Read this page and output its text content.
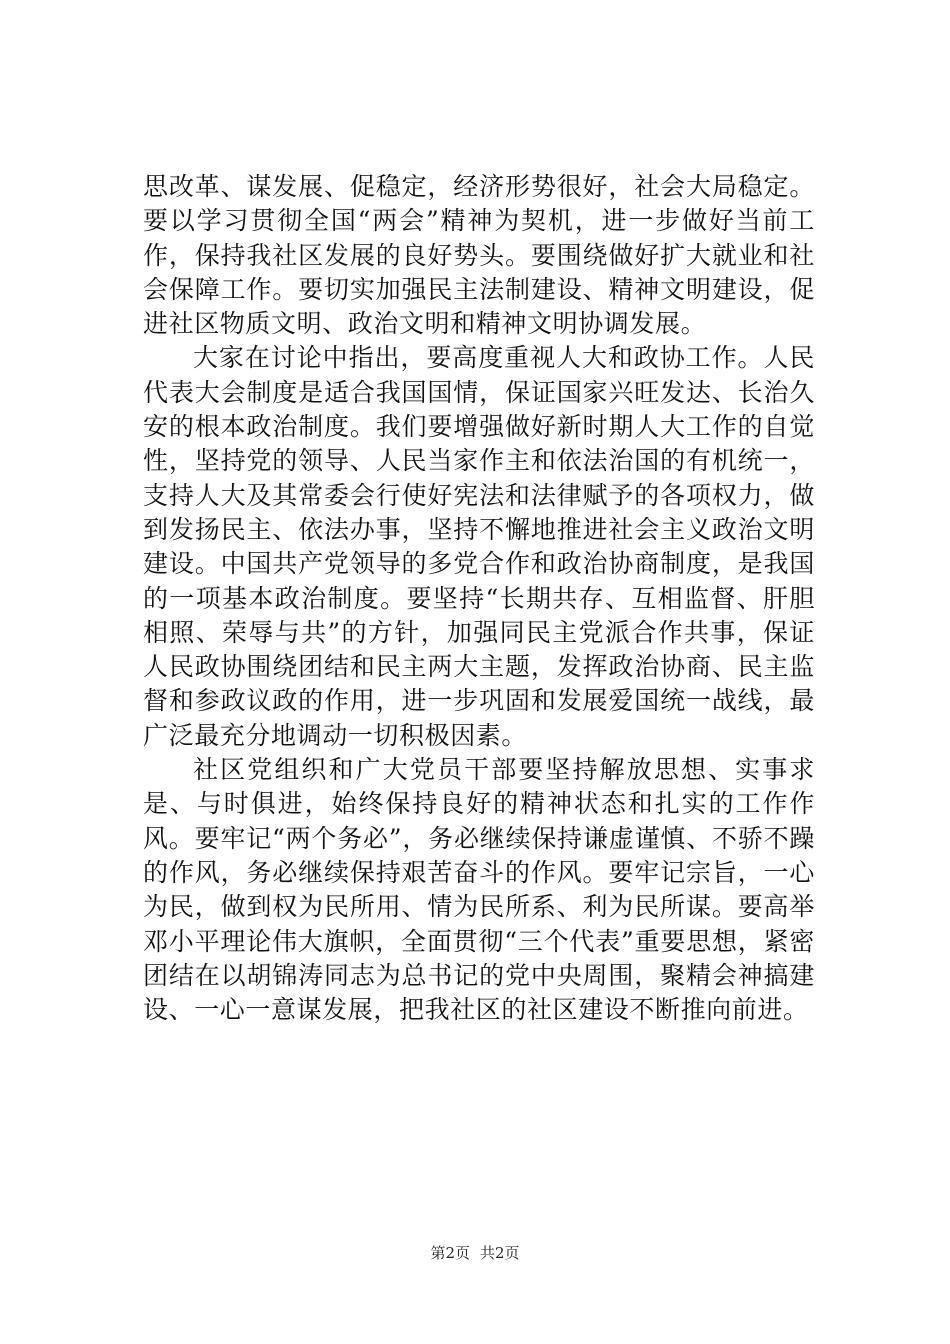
思改革、谋发展、促稳定，经济形势很好，社会大局稳定。要以学习贯彻全国“两会”精神为契机，进一步做好当前工作，保持我社区发展的良好势头。要围绕做好扩大就业和社会保障工作。要切实加强民主法制建设、精神文明建设，促进社区物质文明、政治文明和精神文明协调发展。

大家在讨论中指出，要高度重视人大和政协工作。人民代表大会制度是适合我国国情，保证国家兴旺发达、长治久安的根本政治制度。我们要增强做好新时期人大工作的自觉性，坚持党的领导、人民当家作主和依法治国的有机统一，支持人大及其常委会行使好宪法和法律赋予的各项权力，做到发扬民主、依法办事，坚持不懈地推进社会主义政治文明建设。中国共产党领导的多党合作和政治协商制度，是我国的一项基本政治制度。要坚持“长期共存、互相监督、肝胆相照、荣辱与共”的方针，加强同民主党派合作共事，保证人民政协围绕团结和民主两大主题，发挥政治协商、民主监督和参政议政的作用，进一步巩固和发展爱国统一战线，最广泛最充分地调动一切积极因素。

社区党组织和广大党员干部要坚持解放思想、实事求是、与时俱进，始终保持良好的精神状态和扎实的工作作风。要牢记“两个务必”，务必继续保持谦虚谨慎、不骄不躁的作风，务必继续保持艰苦奋斗的作风。要牢记宗旨，一心为民，做到权为民所用、情为民所系、利为民所谋。要高举邓小平理论伟大旗帜，全面贯彻“三个代表”重要思想，紧密团结在以胡锦涛同志为总书记的党中央周围，聚精会神搞建设、一心一意谋发展，把我社区的社区建设不断推向前进。

第2页 共2页
